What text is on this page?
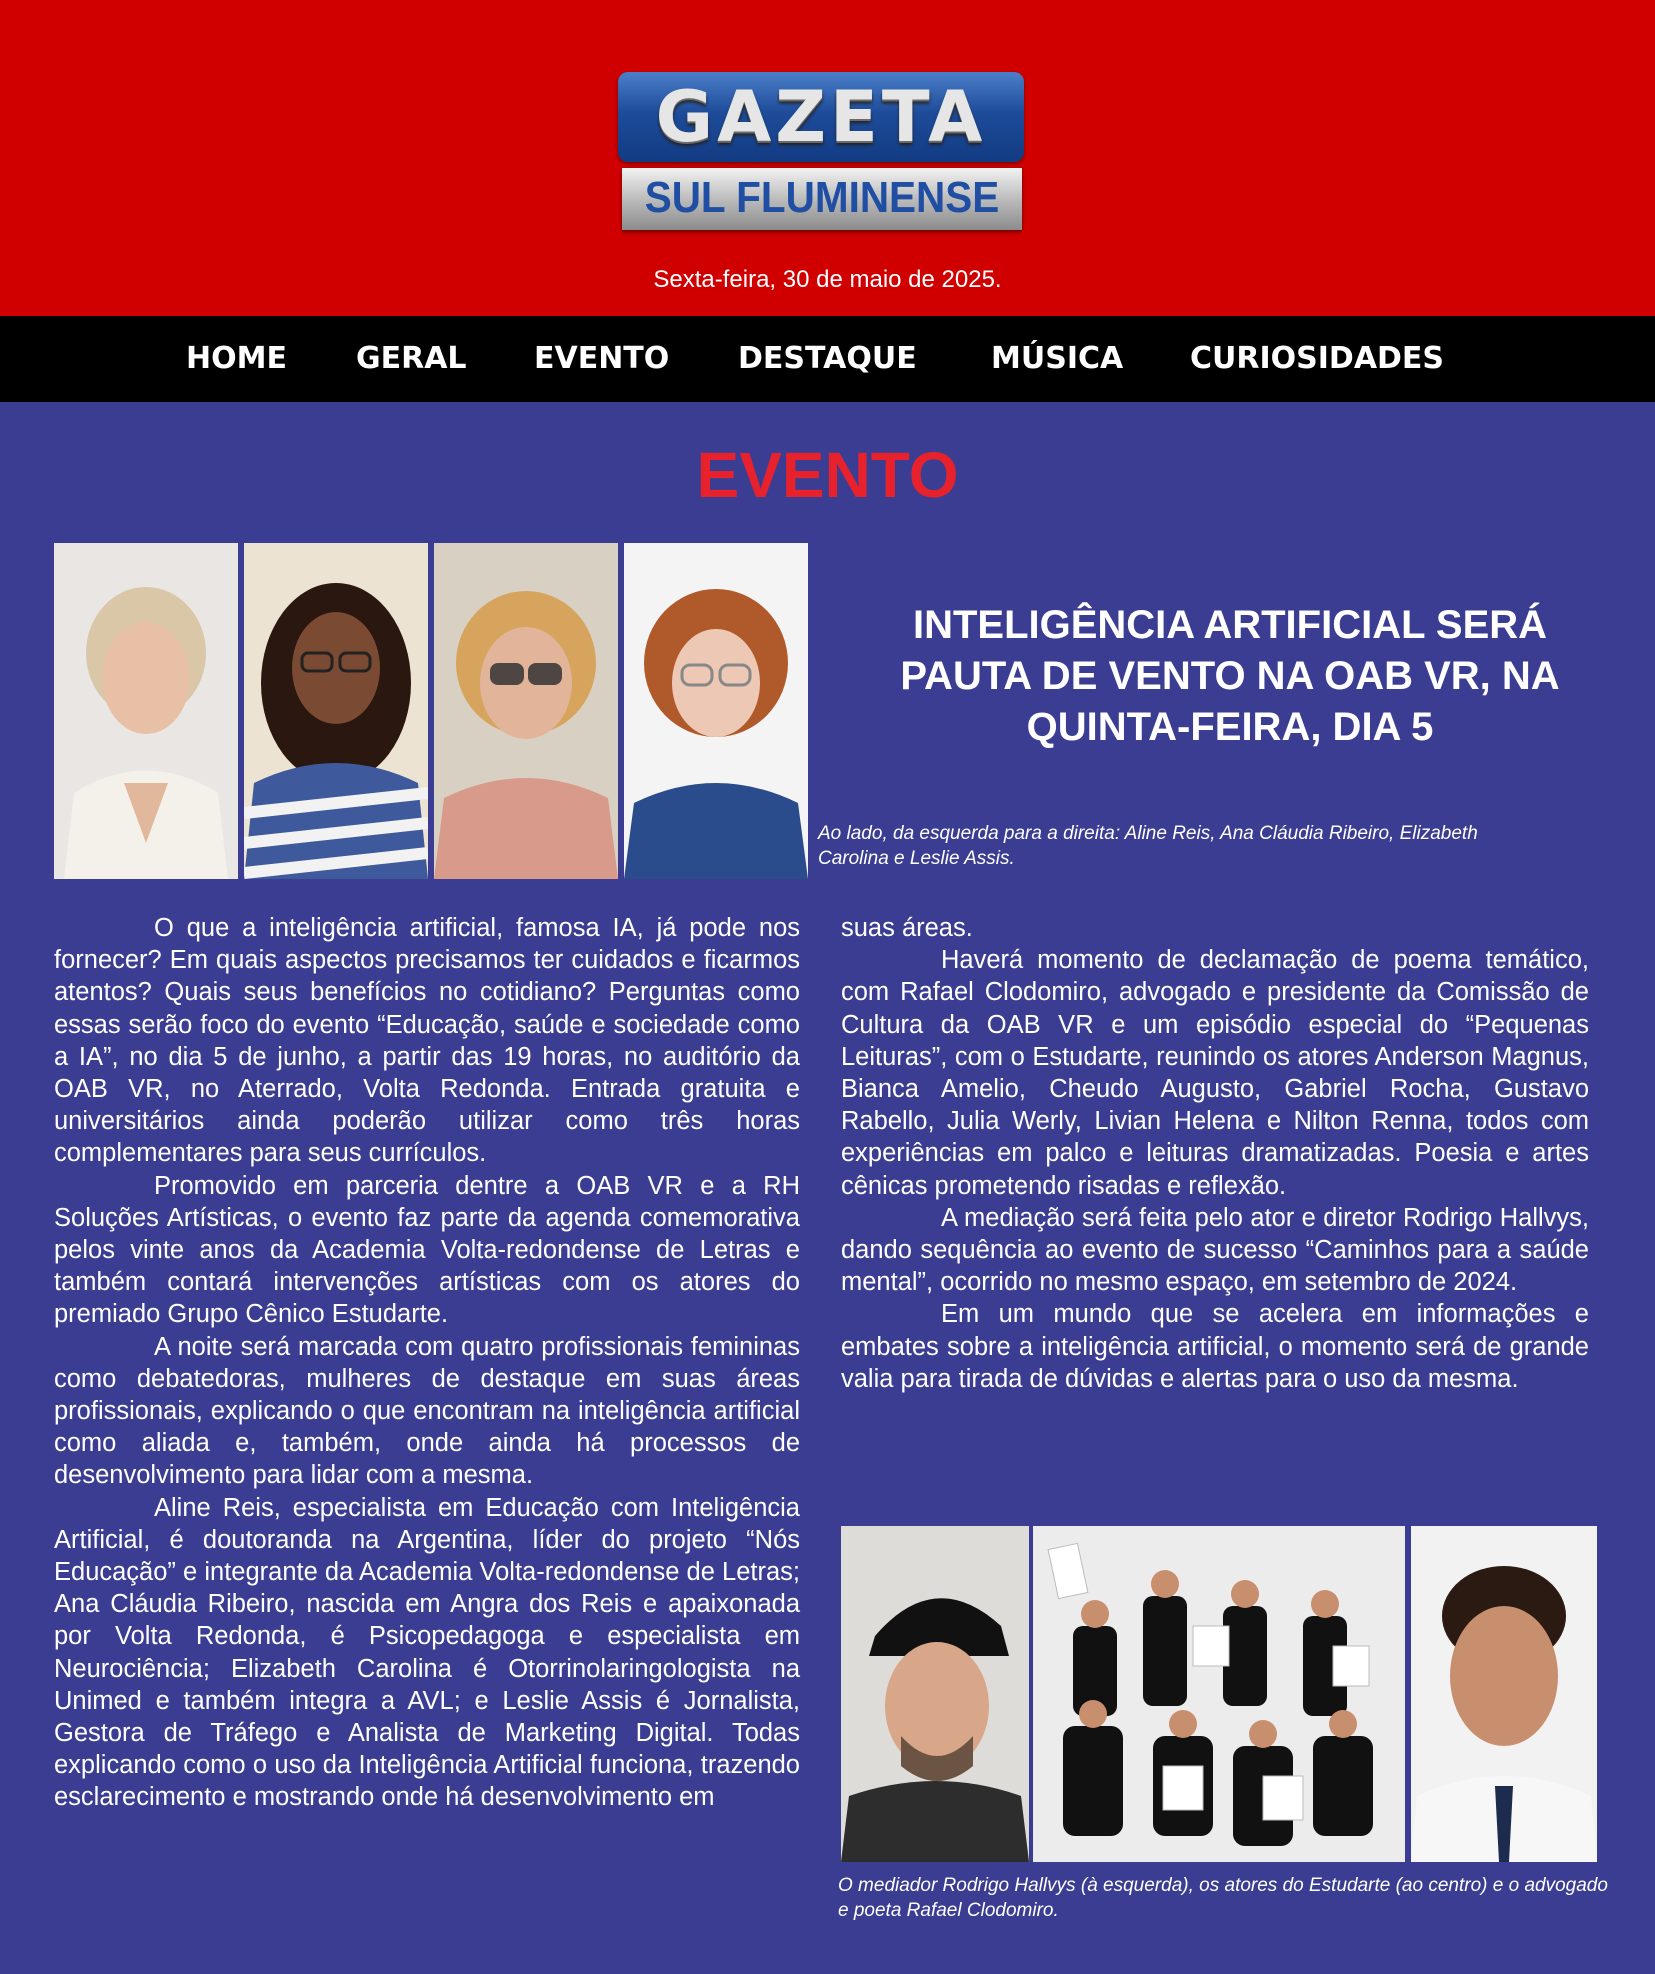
GAZETA
SUL FLUMINENSE
Sexta-feira, 30 de maio de 2025.
HOME GERAL EVENTO DESTAQUE MÚSICA CURIOSIDADES
EVENTO
INTELIGÊNCIA ARTIFICIAL SERÁ PAUTA DE VENTO NA OAB VR, NA QUINTA-FEIRA, DIA 5
Ao lado, da esquerda para a direita: Aline Reis, Ana Cláudia Ribeiro, Elizabeth Carolina e Leslie Assis.

O que a inteligência artificial, famosa IA, já pode nos fornecer? Em quais aspectos precisamos ter cuidados e ficarmos atentos? Quais seus benefícios no cotidiano? Perguntas como essas serão foco do evento “Educação, saúde e sociedade como a IA”, no dia 5 de junho, a partir das 19 horas, no auditório da OAB VR, no Aterrado, Volta Redonda. Entrada gratuita e universitários ainda poderão utilizar como três horas complementares para seus currículos.

Promovido em parceria dentre a OAB VR e a RH Soluções Artísticas, o evento faz parte da agenda comemorativa pelos vinte anos da Academia Volta-redondense de Letras e também contará intervenções artísticas com os atores do premiado Grupo Cênico Estudarte.

A noite será marcada com quatro profissionais femininas como debatedoras, mulheres de destaque em suas áreas profissionais, explicando o que encontram na inteligência artificial como aliada e, também, onde ainda há processos de desenvolvimento para lidar com a mesma.

Aline Reis, especialista em Educação com Inteligência Artificial, é doutoranda na Argentina, líder do projeto “Nós Educação” e integrante da Academia Volta-redondense de Letras; Ana Cláudia Ribeiro, nascida em Angra dos Reis e apaixonada por Volta Redonda, é Psicopedagoga e especialista em Neurociência; Elizabeth Carolina é Otorrinolaringologista na Unimed e também integra a AVL; e Leslie Assis é Jornalista, Gestora de Tráfego e Analista de Marketing Digital. Todas explicando como o uso da Inteligência Artificial funciona, trazendo esclarecimento e mostrando onde há desenvolvimento em

suas áreas.

Haverá momento de declamação de poema temático, com Rafael Clodomiro, advogado e presidente da Comissão de Cultura da OAB VR e um episódio especial do “Pequenas Leituras”, com o Estudarte, reunindo os atores Anderson Magnus, Bianca Amelio, Cheudo Augusto, Gabriel Rocha, Gustavo Rabello, Julia Werly, Livian Helena e Nilton Renna, todos com experiências em palco e leituras dramatizadas. Poesia e artes cênicas prometendo risadas e reflexão.

A mediação será feita pelo ator e diretor Rodrigo Hallvys, dando sequência ao evento de sucesso “Caminhos para a saúde mental”, ocorrido no mesmo espaço, em setembro de 2024.

Em um mundo que se acelera em informações e embates sobre a inteligência artificial, o momento será de grande valia para tirada de dúvidas e alertas para o uso da mesma.

O mediador Rodrigo Hallvys (à esquerda), os atores do Estudarte (ao centro) e o advogado e poeta Rafael Clodomiro.
